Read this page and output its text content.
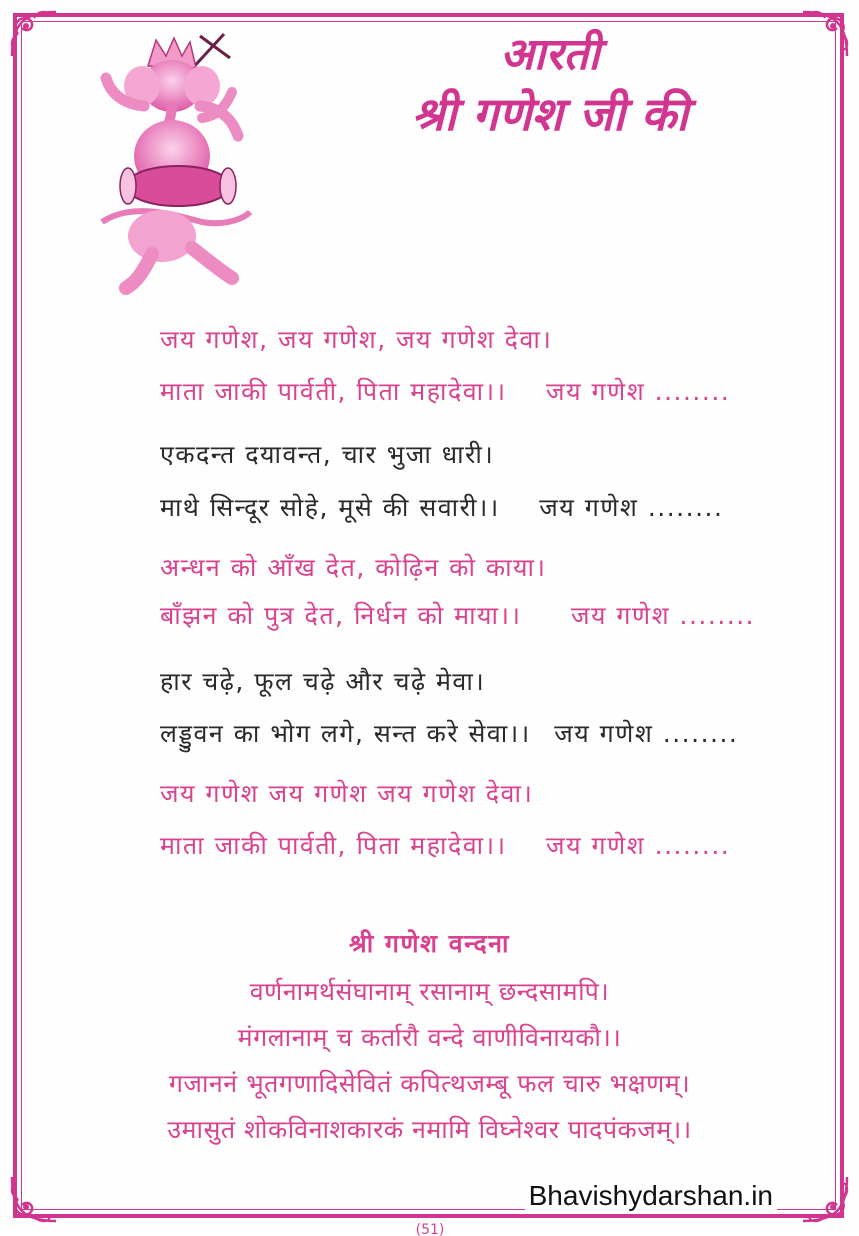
आरती
श्री गणेश जी की
जय गणेश, जय गणेश, जय गणेश देवा।
माता जाकी पार्वती, पिता महादेवा।। जय गणेश ........
एकदन्त दयावन्त, चार भुजा धारी।
माथे सिन्दूर सोहे, मूसे की सवारी।। जय गणेश ........
अन्धन को आँख देत, कोढ़िन को काया।
बाँझन को पुत्र देत, निर्धन को माया।। जय गणेश ........
हार चढ़े, फूल चढ़े और चढ़े मेवा।
लड्डुवन का भोग लगे, सन्त करे सेवा।। जय गणेश ........
जय गणेश जय गणेश जय गणेश देवा।
माता जाकी पार्वती, पिता महादेवा।। जय गणेश ........
श्री गणेश वन्दना
वर्णनामर्थसंघानाम् रसानाम् छन्दसामपि।
मंगलानाम् च कर्तारौ वन्दे वाणीविनायकौ।।
गजाननं भूतगणादिसेवितं कपित्थजम्बू फल चारु भक्षणम्।
उमासुतं शोकविनाशकारकं नमामि विघ्नेश्वर पादपंकजम्।।
Bhavishydarshan.in
(51)
